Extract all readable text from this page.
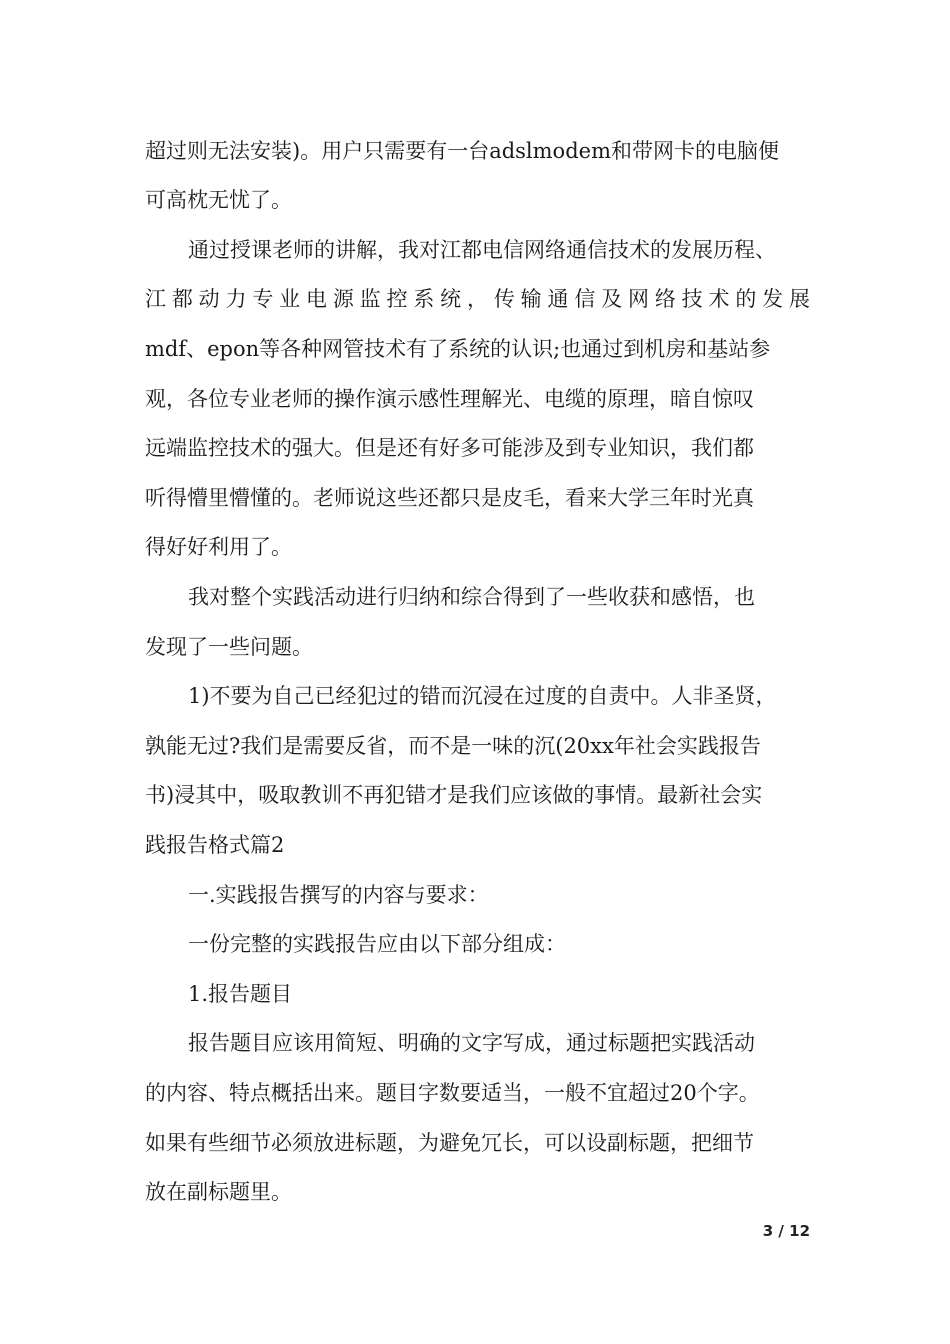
超过则无法安装)。用户只需要有一台adslmodem和带网卡的电脑便
可高枕无忧了。
通过授课老师的讲解，我对江都电信网络通信技术的发展历程、
江都动力专业电源监控系统，传输通信及网络技术的发展
mdf、epon等各种网管技术有了系统的认识;也通过到机房和基站参
观，各位专业老师的操作演示感性理解光、电缆的原理，暗自惊叹
远端监控技术的强大。但是还有好多可能涉及到专业知识，我们都
听得懵里懵懂的。老师说这些还都只是皮毛，看来大学三年时光真
得好好利用了。
我对整个实践活动进行归纳和综合得到了一些收获和感悟，也
发现了一些问题。
1)不要为自己已经犯过的错而沉浸在过度的自责中。人非圣贤，
孰能无过?我们是需要反省，而不是一味的沉(20xx年社会实践报告
书)浸其中，吸取教训不再犯错才是我们应该做的事情。最新社会实
践报告格式篇2
一.实践报告撰写的内容与要求：
一份完整的实践报告应由以下部分组成：
1.报告题目
报告题目应该用简短、明确的文字写成，通过标题把实践活动
的内容、特点概括出来。题目字数要适当，一般不宜超过20个字。
如果有些细节必须放进标题，为避免冗长，可以设副标题，把细节
放在副标题里。
3 / 12
